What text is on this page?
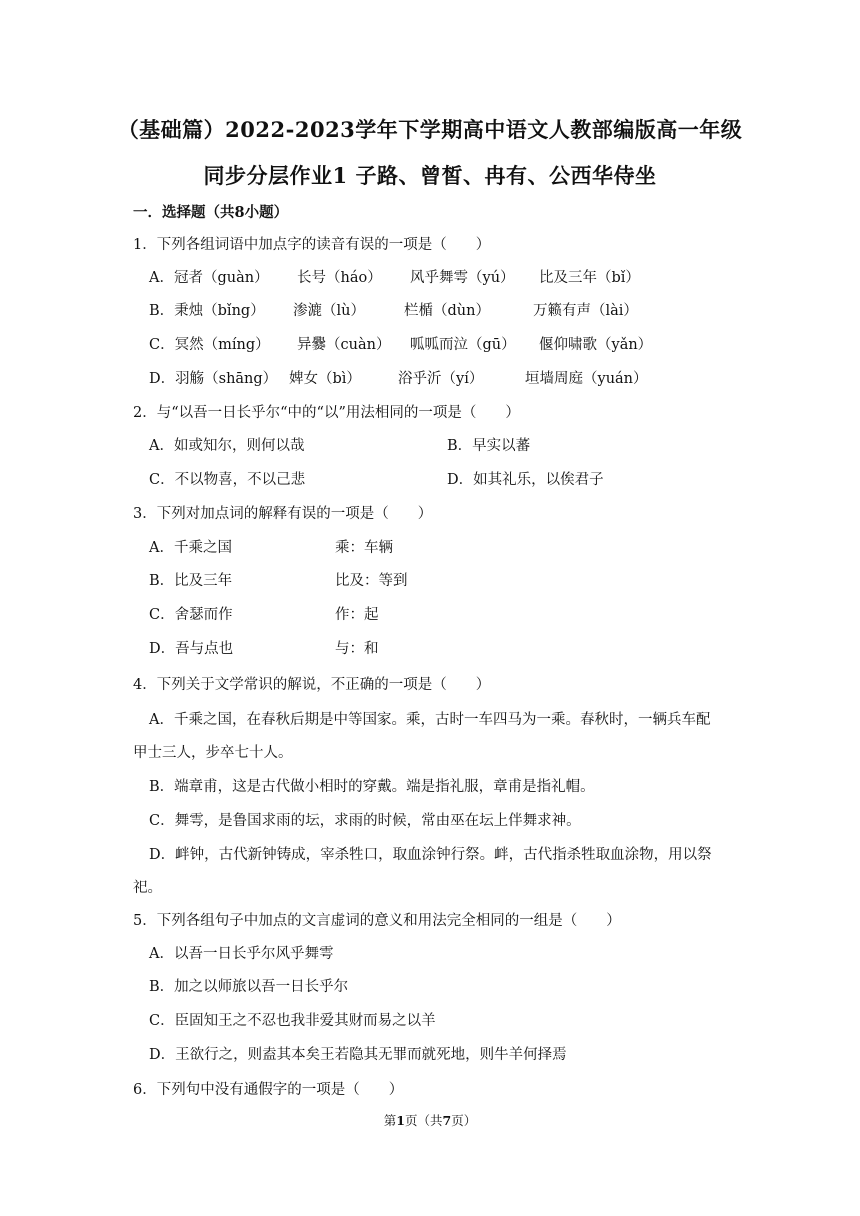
（基础篇）2022-2023学年下学期高中语文人教部编版高一年级
同步分层作业1 子路、曾皙、冉有、公西华侍坐
一．选择题（共8小题）
1．下列各组词语中加点字的读音有误的一项是（　　）
A．冠者（guàn） 长号（háo） 风乎舞雩（yú） 比及三年（bǐ）
B．秉烛（bǐng） 渗漉（lù）	栏楯（dùn）	万籁有声（lài）
C．冥然（míng） 异爨（cuàn） 呱呱而泣（gū） 偃仰啸歌（yǎn）
D．羽觞（shāng） 婢女（bì）	浴乎沂（yí）	垣墙周庭（yuán）
2．与“以吾一日长乎尔“中的“以”用法相同的一项是（　　）
A．如或知尔，则何以哉	B．早实以蕃
C．不以物喜，不以己悲	D．如其礼乐，以俟君子
3．下列对加点词的解释有误的一项是（　　）
A．千乘之国	乘：车辆
B．比及三年	比及：等到
C．舍瑟而作	作：起
D．吾与点也	与：和
4．下列关于文学常识的解说，不正确的一项是（　　）
A．千乘之国，在春秋后期是中等国家。乘，古时一车四马为一乘。春秋时，一辆兵车配
甲士三人，步卒七十人。
B．端章甫，这是古代做小相时的穿戴。端是指礼服，章甫是指礼帽。
C．舞雩，是鲁国求雨的坛，求雨的时候，常由巫在坛上伴舞求神。
D．衅钟，古代新钟铸成，宰杀牲口，取血涂钟行祭。衅，古代指杀牲取血涂物，用以祭
祀。
5．下列各组句子中加点的文言虚词的意义和用法完全相同的一组是（　　）
A．以吾一日长乎尔风乎舞雩
B．加之以师旅以吾一日长乎尔
C．臣固知王之不忍也我非爱其财而易之以羊
D．王欲行之，则盍其本矣王若隐其无罪而就死地，则牛羊何择焉
6．下列句中没有通假字的一项是（　　）
第1页（共7页）
